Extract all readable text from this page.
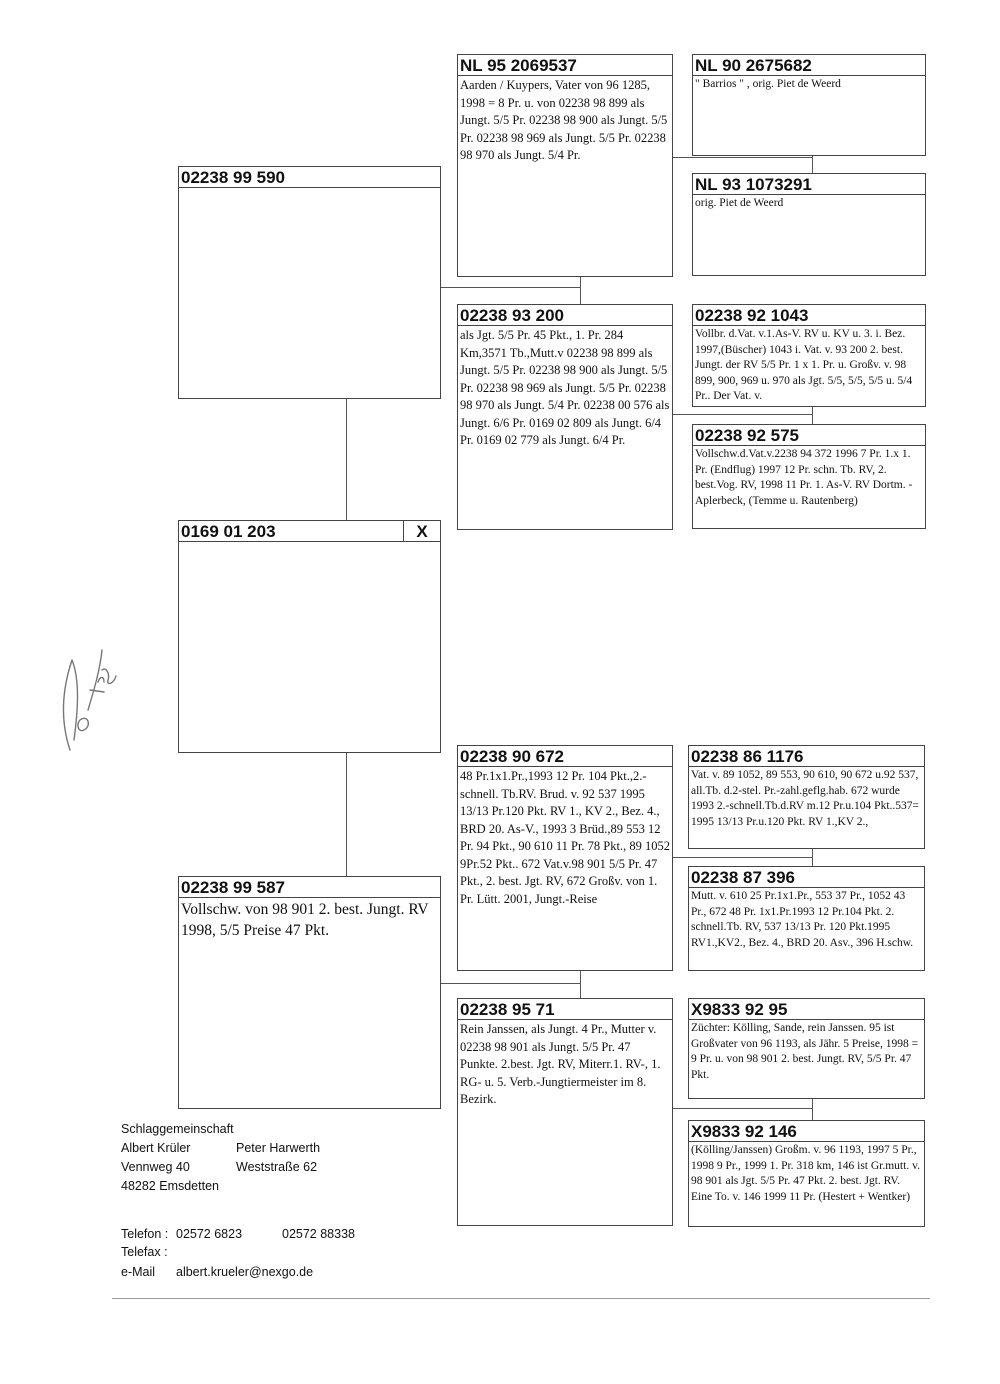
02238 99 590
0169 01 203	X
02238 99 587
Vollschw. von 98 901 2. best. Jungt. RV 1998, 5/5 Preise 47 Pkt.
NL 95 2069537
Aarden / Kuypers, Vater von 96 1285, 1998 = 8 Pr. u. von 02238 98 899 als Jungt. 5/5 Pr. 02238 98 900 als Jungt. 5/5 Pr. 02238 98 969 als Jungt. 5/5 Pr. 02238 98 970 als Jungt. 5/4 Pr.
02238 93 200
als Jgt. 5/5 Pr. 45 Pkt., 1. Pr. 284 Km,3571 Tb.,Mutt.v 02238 98 899 als Jungt. 5/5 Pr. 02238 98 900 als Jungt. 5/5 Pr. 02238 98 969 als Jungt. 5/5 Pr. 02238 98 970 als Jungt. 5/4 Pr. 02238 00 576 als Jungt. 6/6 Pr. 0169 02 809 als Jungt. 6/4 Pr. 0169 02 779 als Jungt. 6/4 Pr.
02238 90 672
48 Pr.1x1.Pr.,1993 12 Pr. 104 Pkt.,2.-schnell. Tb.RV. Brud. v. 92 537 1995 13/13 Pr.120 Pkt. RV 1., KV 2., Bez. 4., BRD 20. As-V., 1993 3 Brüd.,89 553 12 Pr. 94 Pkt., 90 610 11 Pr. 78 Pkt., 89 1052 9Pr.52 Pkt.. 672 Vat.v.98 901 5/5 Pr. 47 Pkt., 2. best. Jgt. RV, 672 Großv. von 1. Pr. Lütt. 2001, Jungt.-Reise
02238 95 71
Rein Janssen, als Jungt. 4 Pr., Mutter v. 02238 98 901 als Jungt. 5/5 Pr. 47 Punkte. 2.best. Jgt. RV, Miterr.1. RV-, 1. RG- u. 5. Verb.-Jungtiermeister im 8. Bezirk.
NL 90 2675682
" Barrios " , orig. Piet de Weerd
NL 93 1073291
orig. Piet de Weerd
02238 92 1043
Vollbr. d.Vat. v.1.As-V. RV u. KV u. 3. i. Bez. 1997,(Büscher) 1043 i. Vat. v. 93 200 2. best. Jungt. der RV 5/5 Pr. 1 x 1. Pr. u. Großv. v. 98 899, 900, 969 u. 970 als Jgt. 5/5, 5/5, 5/5 u. 5/4 Pr.. Der Vat. v.
02238 92 575
Vollschw.d.Vat.v.2238 94 372 1996 7 Pr. 1.x 1. Pr. (Endflug) 1997 12 Pr. schn. Tb. RV, 2. best.Vog. RV, 1998 11 Pr. 1. As-V. RV Dortm. -Aplerbeck, (Temme u. Rautenberg)
02238 86 1176
Vat. v. 89 1052, 89 553, 90 610, 90 672 u.92 537, all.Tb. d.2-stel. Pr.-zahl.geflg.hab. 672 wurde 1993 2.-schnell.Tb.d.RV m.12 Pr.u.104 Pkt..537= 1995 13/13 Pr.u.120 Pkt. RV 1.,KV 2.,
02238 87 396
Mutt. v. 610 25 Pr.1x1.Pr., 553 37 Pr., 1052 43 Pr., 672 48 Pr. 1x1.Pr.1993 12 Pr.104 Pkt. 2. schnell.Tb. RV, 537 13/13 Pr. 120 Pkt.1995 RV1.,KV2., Bez. 4., BRD 20. Asv., 396 H.schw.
X9833 92 95
Züchter: Kölling, Sande, rein Janssen. 95 ist Großvater von 96 1193, als Jähr. 5 Preise, 1998 = 9 Pr. u. von 98 901 2. best. Jungt. RV, 5/5 Pr. 47 Pkt.
X9833 92 146
(Kölling/Janssen) Großm. v. 96 1193, 1997 5 Pr., 1998 9 Pr., 1999 1. Pr. 318 km, 146 ist Gr.mutt. v. 98 901 als Jgt. 5/5 Pr. 47 Pkt. 2. best. Jgt. RV. Eine To. v. 146 1999 11 Pr. (Hestert + Wentker)
Schlaggemeinschaft
Albert Krüler	Peter Harwerth
Vennweg 40	Weststraße 62
48282 Emsdetten
Telefon : 02572 6823	02572 88338
Telefax :
e-Mail albert.krueler@nexgo.de
